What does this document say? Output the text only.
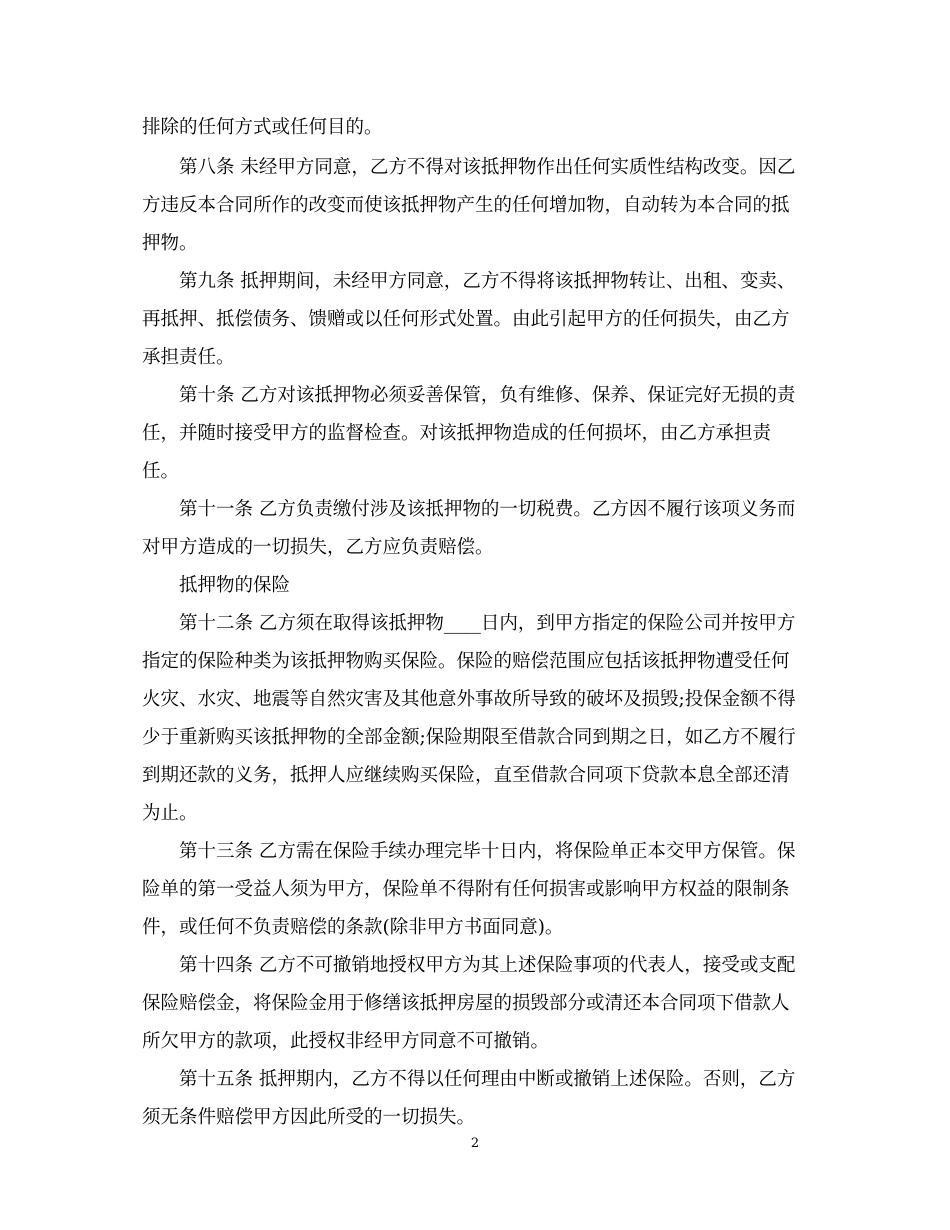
排除的任何方式或任何目的。
第八条 未经甲方同意，乙方不得对该抵押物作出任何实质性结构改变。因乙
方违反本合同所作的改变而使该抵押物产生的任何增加物，自动转为本合同的抵
押物。
第九条 抵押期间，未经甲方同意，乙方不得将该抵押物转让、出租、变卖、
再抵押、抵偿债务、馈赠或以任何形式处置。由此引起甲方的任何损失，由乙方
承担责任。
第十条 乙方对该抵押物必须妥善保管，负有维修、保养、保证完好无损的责
任，并随时接受甲方的监督检查。对该抵押物造成的任何损坏，由乙方承担责
任。
第十一条 乙方负责缴付涉及该抵押物的一切税费。乙方因不履行该项义务而
对甲方造成的一切损失，乙方应负责赔偿。
抵押物的保险
第十二条 乙方须在取得该抵押物____日内，到甲方指定的保险公司并按甲方
指定的保险种类为该抵押物购买保险。保险的赔偿范围应包括该抵押物遭受任何
火灾、水灾、地震等自然灾害及其他意外事故所导致的破坏及损毁;投保金额不得
少于重新购买该抵押物的全部金额;保险期限至借款合同到期之日，如乙方不履行
到期还款的义务，抵押人应继续购买保险，直至借款合同项下贷款本息全部还清
为止。
第十三条 乙方需在保险手续办理完毕十日内，将保险单正本交甲方保管。保
险单的第一受益人须为甲方，保险单不得附有任何损害或影响甲方权益的限制条
件，或任何不负责赔偿的条款(除非甲方书面同意)。
第十四条 乙方不可撤销地授权甲方为其上述保险事项的代表人，接受或支配
保险赔偿金，将保险金用于修缮该抵押房屋的损毁部分或清还本合同项下借款人
所欠甲方的款项，此授权非经甲方同意不可撤销。
第十五条 抵押期内，乙方不得以任何理由中断或撤销上述保险。否则，乙方
须无条件赔偿甲方因此所受的一切损失。
2
